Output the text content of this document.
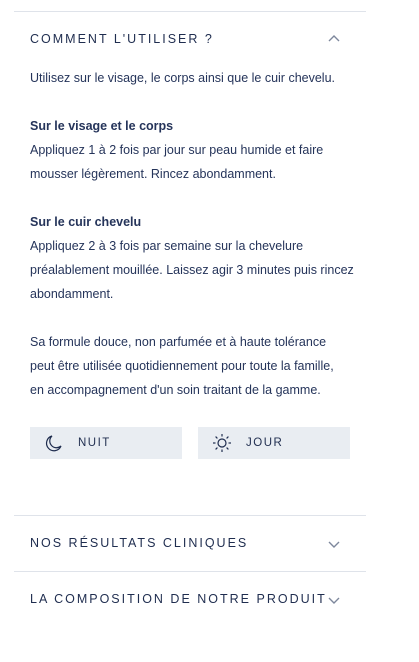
COMMENT L'UTILISER ?
Utilisez sur le visage, le corps ainsi que le cuir chevelu.
Sur le visage et le corps
Appliquez 1 à 2 fois par jour sur peau humide et faire mousser légèrement. Rincez abondamment.
Sur le cuir chevelu
Appliquez 2 à 3 fois par semaine sur la chevelure préalablement mouillée. Laissez agir 3 minutes puis rincez abondamment.
Sa formule douce, non parfumée et à haute tolérance peut être utilisée quotidiennement pour toute la famille, en accompagnement d'un soin traitant de la gamme.
NUIT	JOUR
NOS RÉSULTATS CLINIQUES
LA COMPOSITION DE NOTRE PRODUIT
